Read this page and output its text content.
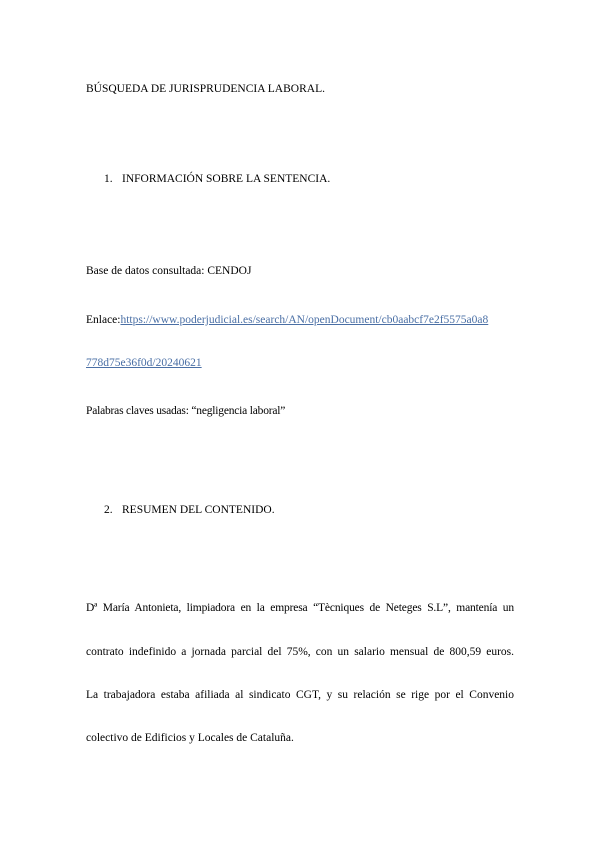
BÚSQUEDA DE JURISPRUDENCIA LABORAL.
1. INFORMACIÓN SOBRE LA SENTENCIA.
Base de datos consultada: CENDOJ
Enlace:https://www.poderjudicial.es/search/AN/openDocument/cb0aabcf7e2f5575a0a8
778d75e36f0d/20240621
Palabras claves usadas: “negligencia laboral”
2. RESUMEN DEL CONTENIDO.
Dª María Antonieta, limpiadora en la empresa “Tècniques de Neteges S.L”, mantenía un
contrato indefinido a jornada parcial del 75%, con un salario mensual de 800,59 euros.
La trabajadora estaba afiliada al sindicato CGT, y su relación se rige por el Convenio
colectivo de Edificios y Locales de Cataluña.
